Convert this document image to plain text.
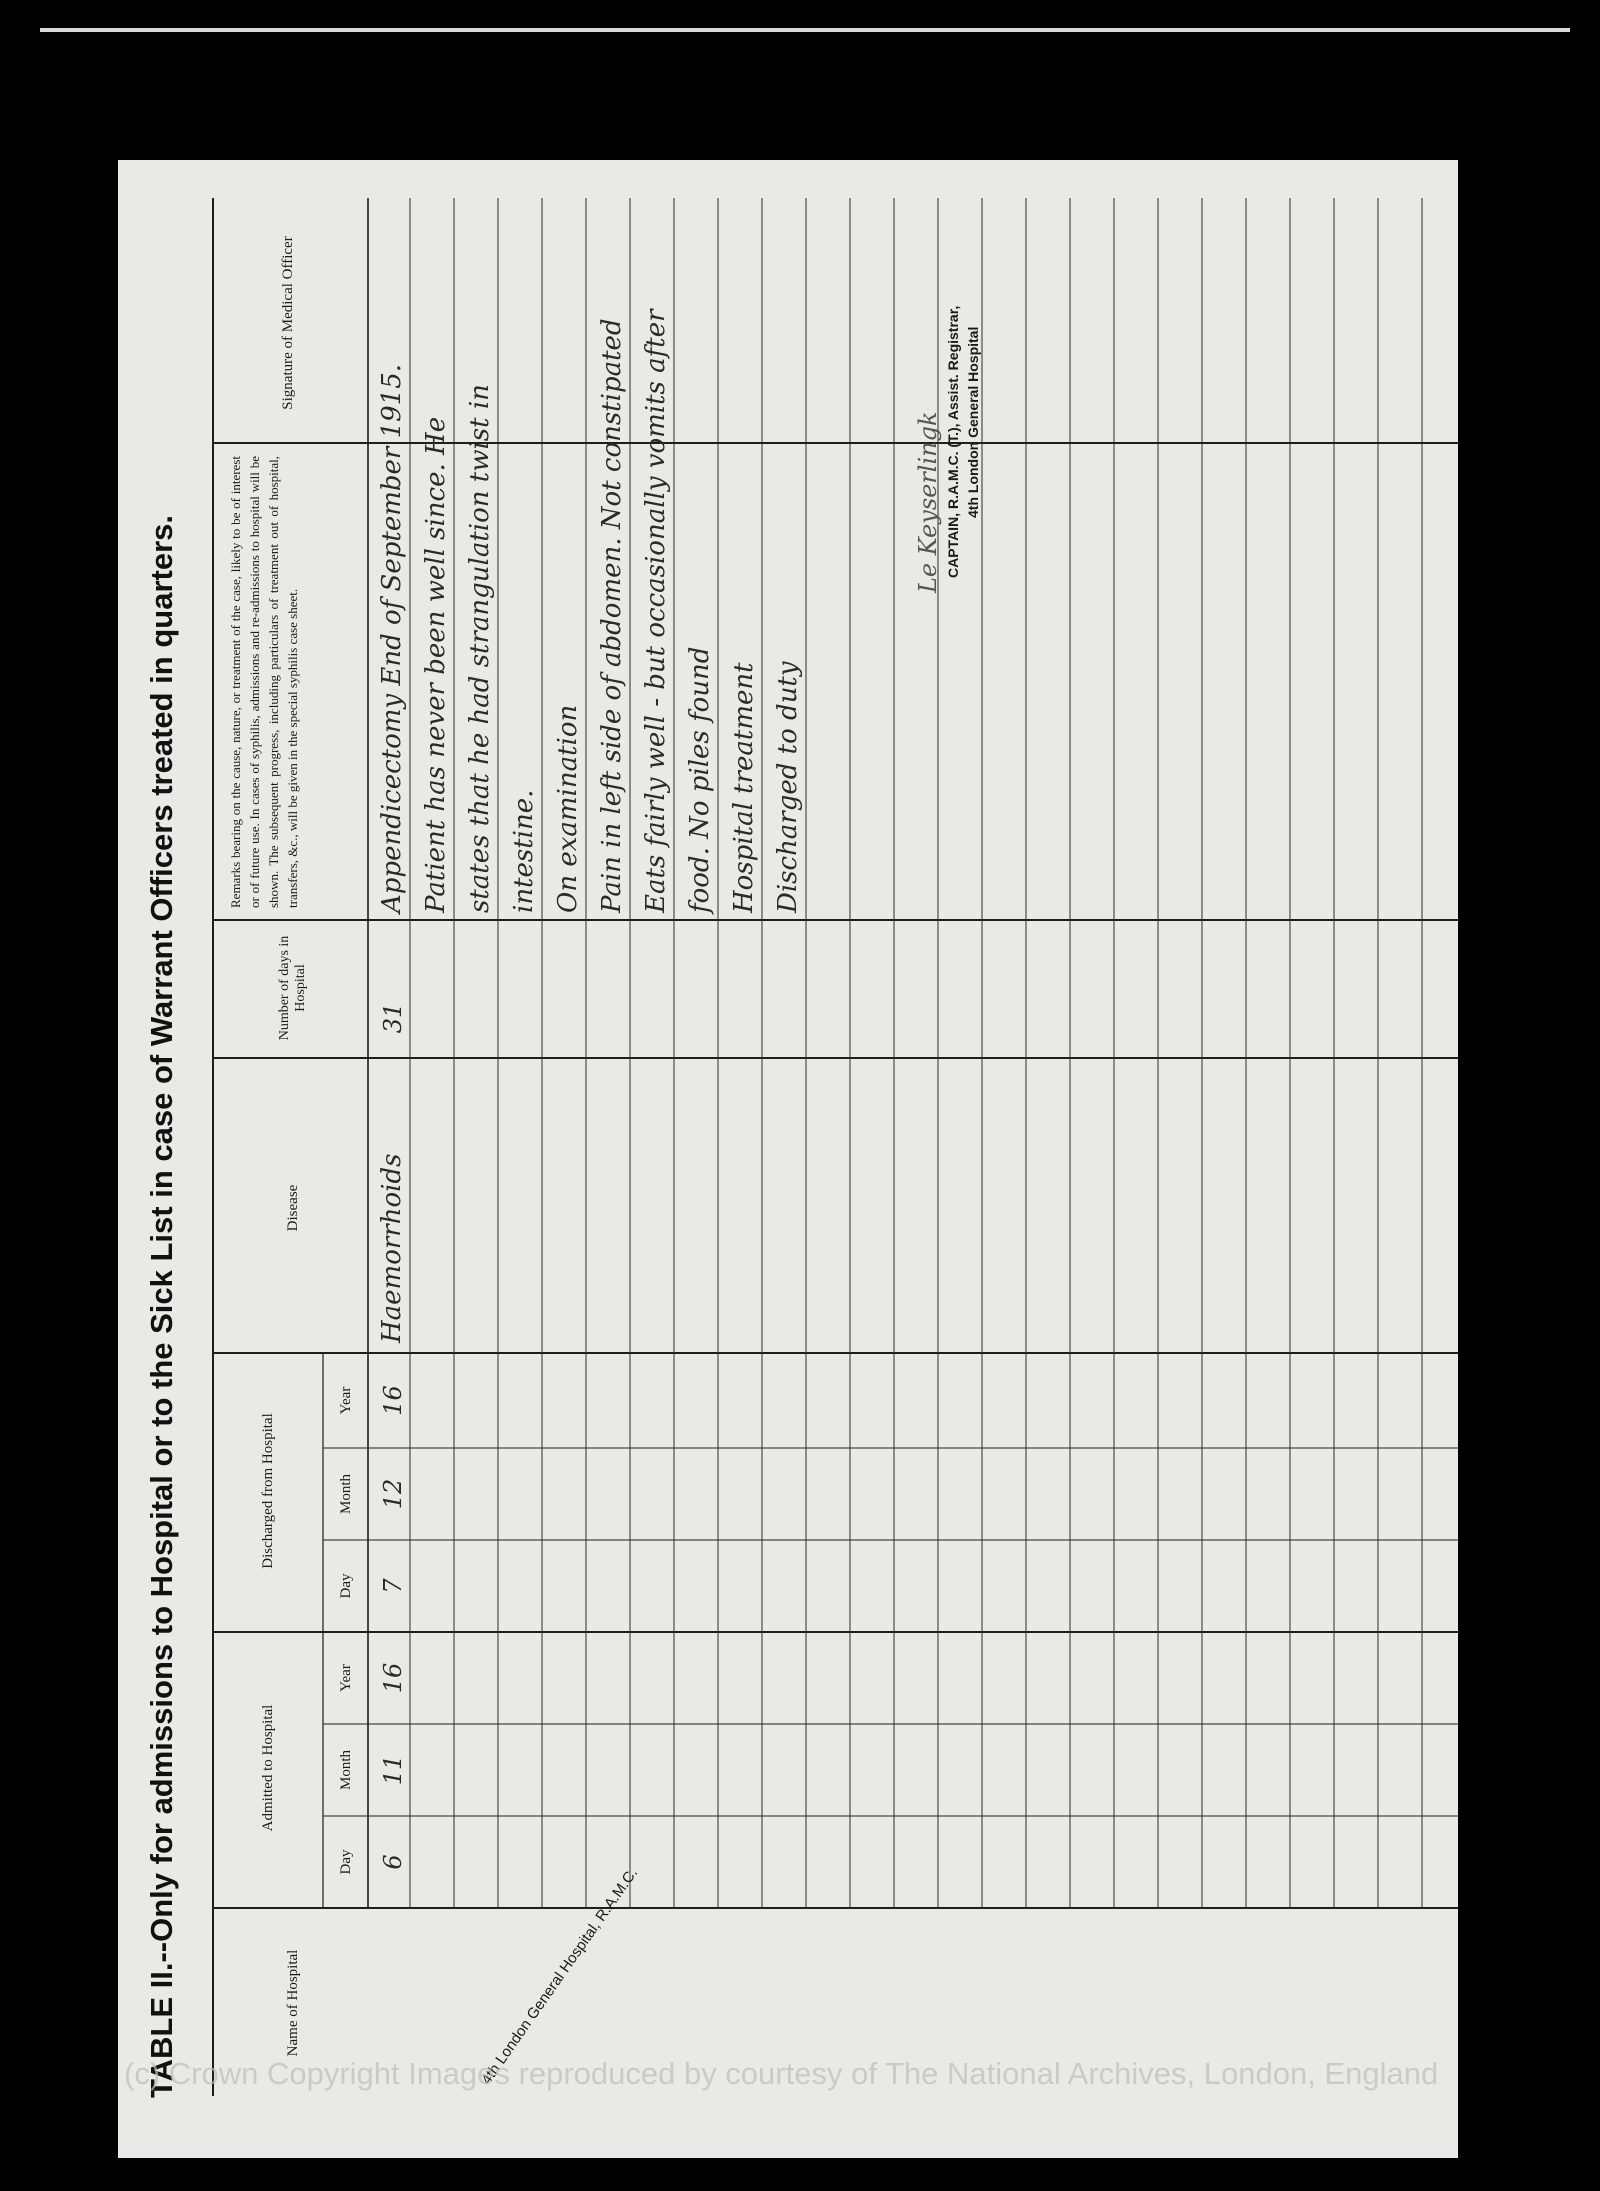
TABLE II.--Only for admissions to Hospital or to the Sick List in case of Warrant Officers treated in quarters.	Name of Hospital
Admitted to Hospital
Day
Month
Year
Discharged from Hospital
Day
Month
Year
Disease
Number of days in Hospital
Remarks bearing on the cause, nature, or treatment of the case, likely to be of interest or of future use. In cases of syphilis, admissions and re-admissions to hospital will be shown. The subsequent progress, including particulars of treatment out of hospital, transfers, &c., will be given in the special syphilis case sheet.
Signature of Medical Officer
6
11
16
7
12
16
Haemorrhoids
31
Appendicectomy End of September 1915. Patient has never been well since. He states that he had strangulation twist in intestine. On examination Pain in left side of abdomen. Not constipated Eats fairly well - but occasionally vomits after food. No piles found Hospital treatment Discharged to duty
Le Keyserlingk CAPTAIN, R.A.M.C. (T.), Assist. Registrar, 4th London General Hospital
4th London General Hospital, R.A.M.C.
(c) Crown Copyright Images reproduced by courtesy of The National Archives, London, England
